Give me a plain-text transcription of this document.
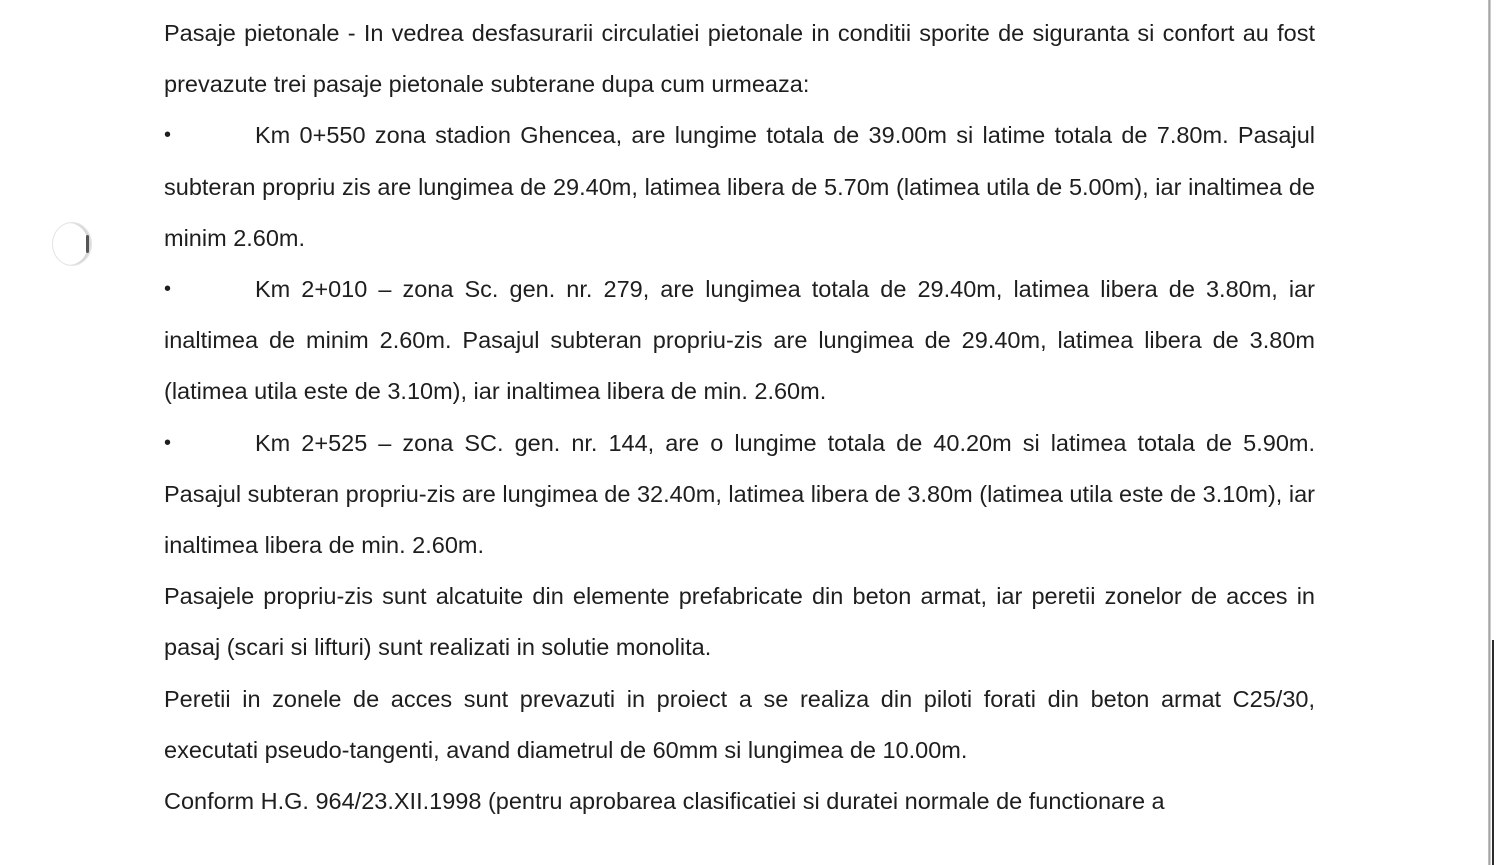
Pasaje pietonale - In vedrea desfasurarii circulatiei pietonale in conditii sporite de siguranta si confort au fost prevazute trei pasaje pietonale subterane dupa cum urmeaza:

•	Km 0+550 zona stadion Ghencea, are lungime totala de 39.00m si latime totala de 7.80m. Pasajul subteran propriu zis are lungimea de 29.40m, latimea libera de 5.70m (latimea utila de 5.00m), iar inaltimea de minim 2.60m.

•	Km 2+010 – zona Sc. gen. nr. 279, are lungimea totala de 29.40m, latimea libera de 3.80m, iar inaltimea de minim 2.60m. Pasajul subteran propriu-zis are lungimea de 29.40m, latimea libera de 3.80m (latimea utila este de 3.10m), iar inaltimea libera de min. 2.60m.

•	Km 2+525 – zona SC. gen. nr. 144, are o lungime totala de 40.20m si latimea totala de 5.90m. Pasajul subteran propriu-zis are lungimea de 32.40m, latimea libera de 3.80m (latimea utila este de 3.10m), iar inaltimea libera de min. 2.60m.

Pasajele propriu-zis sunt alcatuite din elemente prefabricate din beton armat, iar peretii zonelor de acces in pasaj (scari si lifturi) sunt realizati in solutie monolita.

Peretii in zonele de acces sunt prevazuti in proiect a se realiza din piloti forati din beton armat C25/30, executati pseudo-tangenti, avand diametrul de 60mm si lungimea de 10.00m.

Conform H.G. 964/23.XII.1998 (pentru aprobarea clasificatiei si duratei normale de functionare a
